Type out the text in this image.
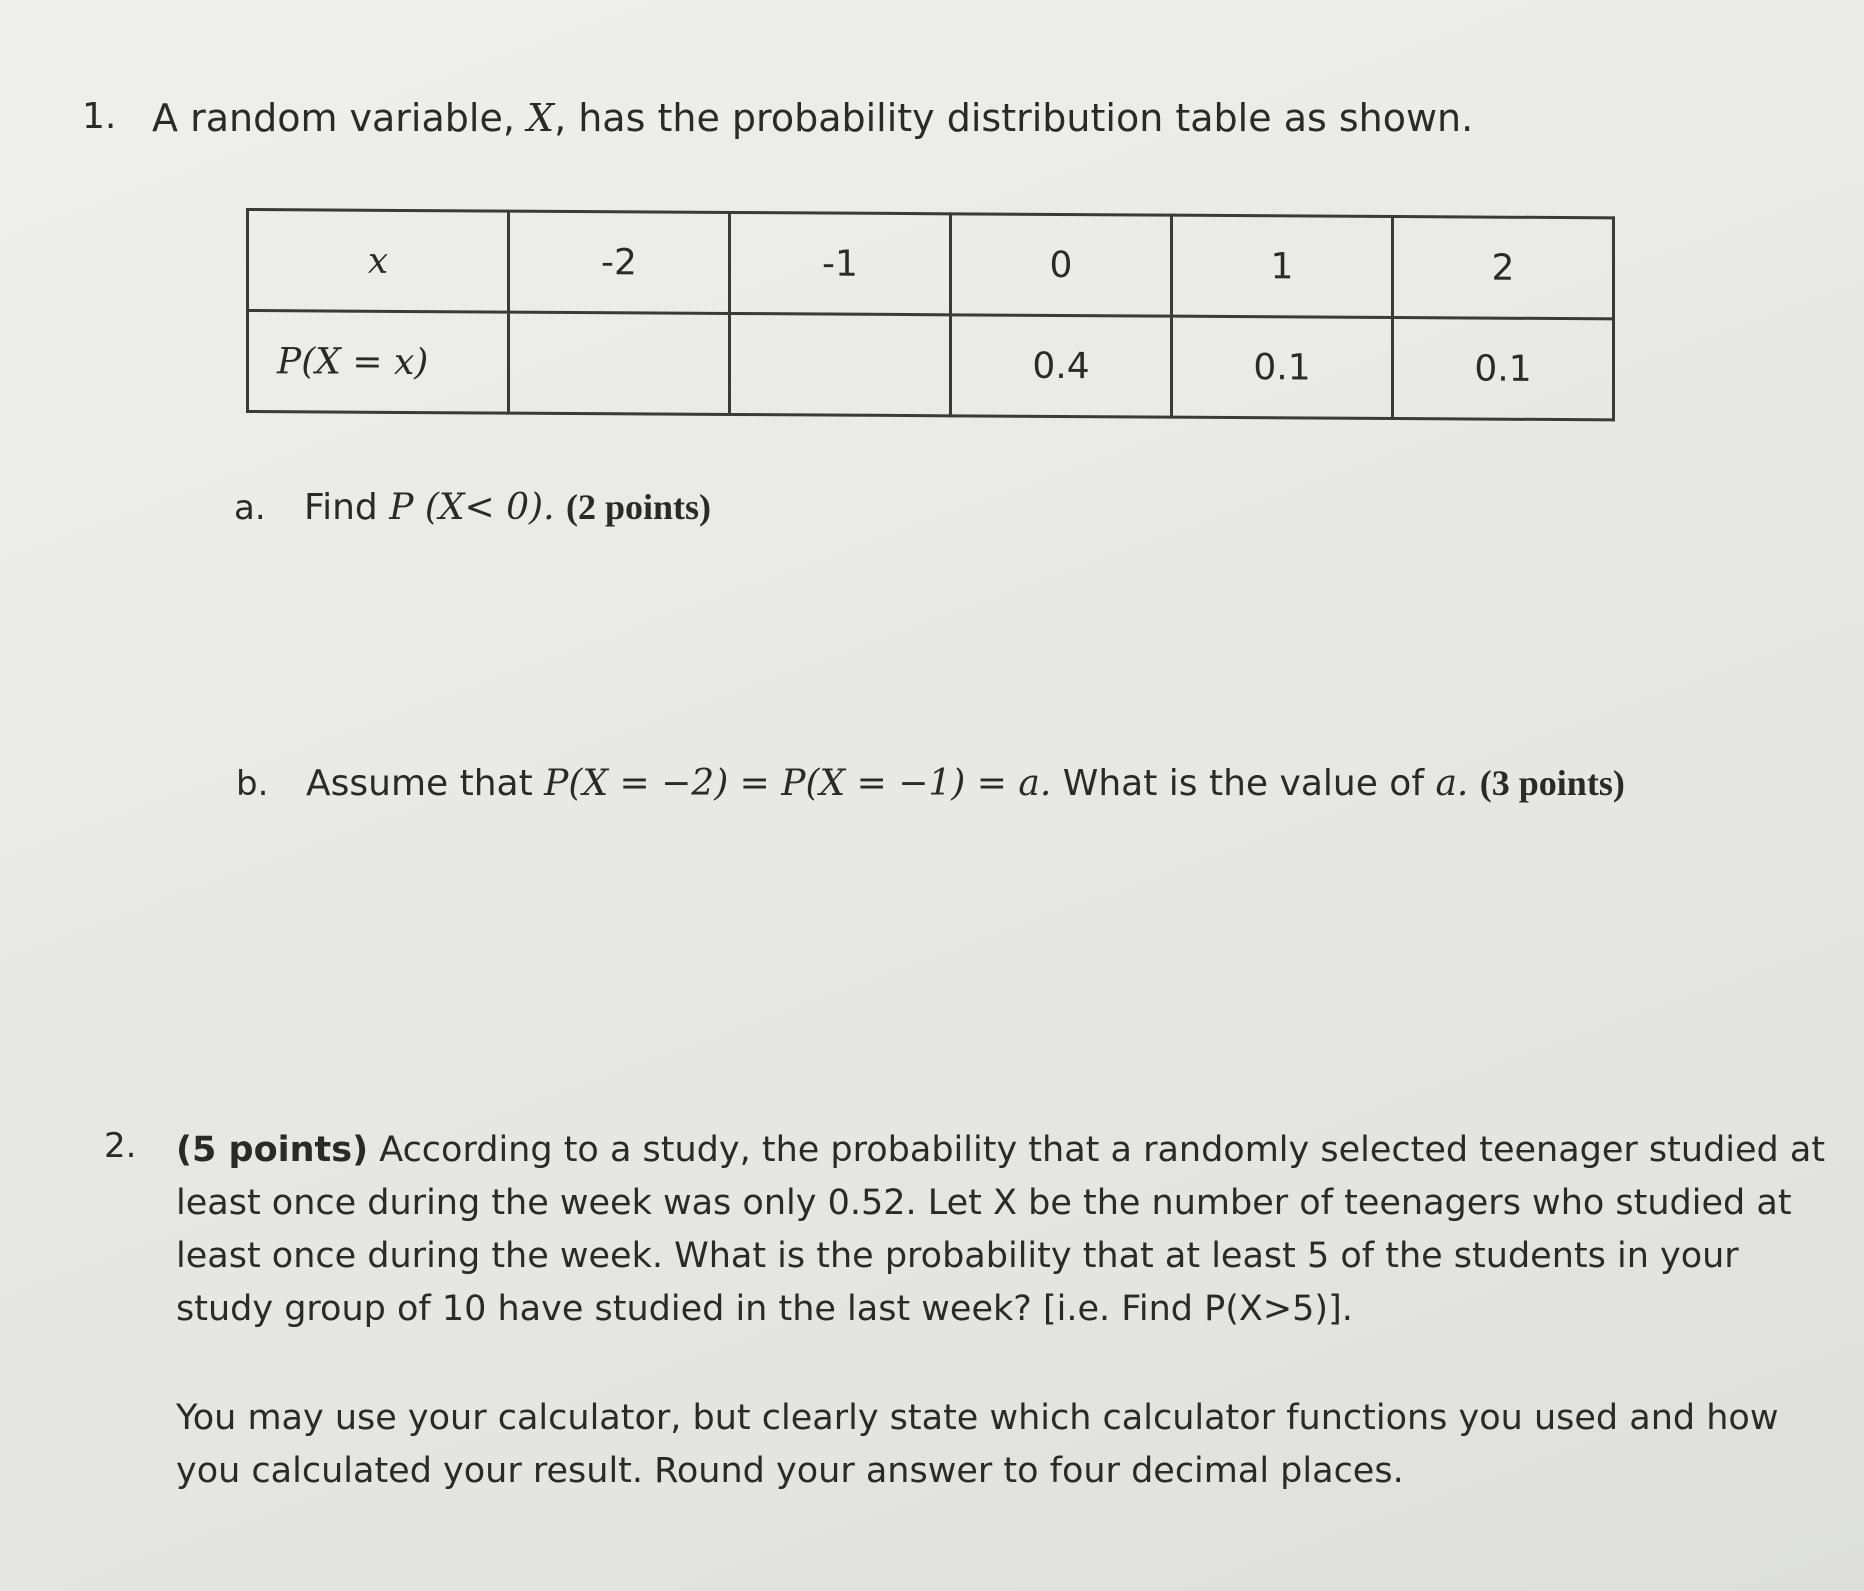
1. A random variable, X, has the probability distribution table as shown.
x	-2	-1	0	1	2
P(X = x)			0.4	0.1	0.1
a. Find P (X< 0). (2 points)
b. Assume that P(X = −2) = P(X = −1) = a. What is the value of a. (3 points)
2. (5 points) According to a study, the probability that a randomly selected teenager studied at
least once during the week was only 0.52. Let X be the number of teenagers who studied at
least once during the week. What is the probability that at least 5 of the students in your
study group of 10 have studied in the last week? [i.e. Find P(X>5)].
You may use your calculator, but clearly state which calculator functions you used and how
you calculated your result. Round your answer to four decimal places.
